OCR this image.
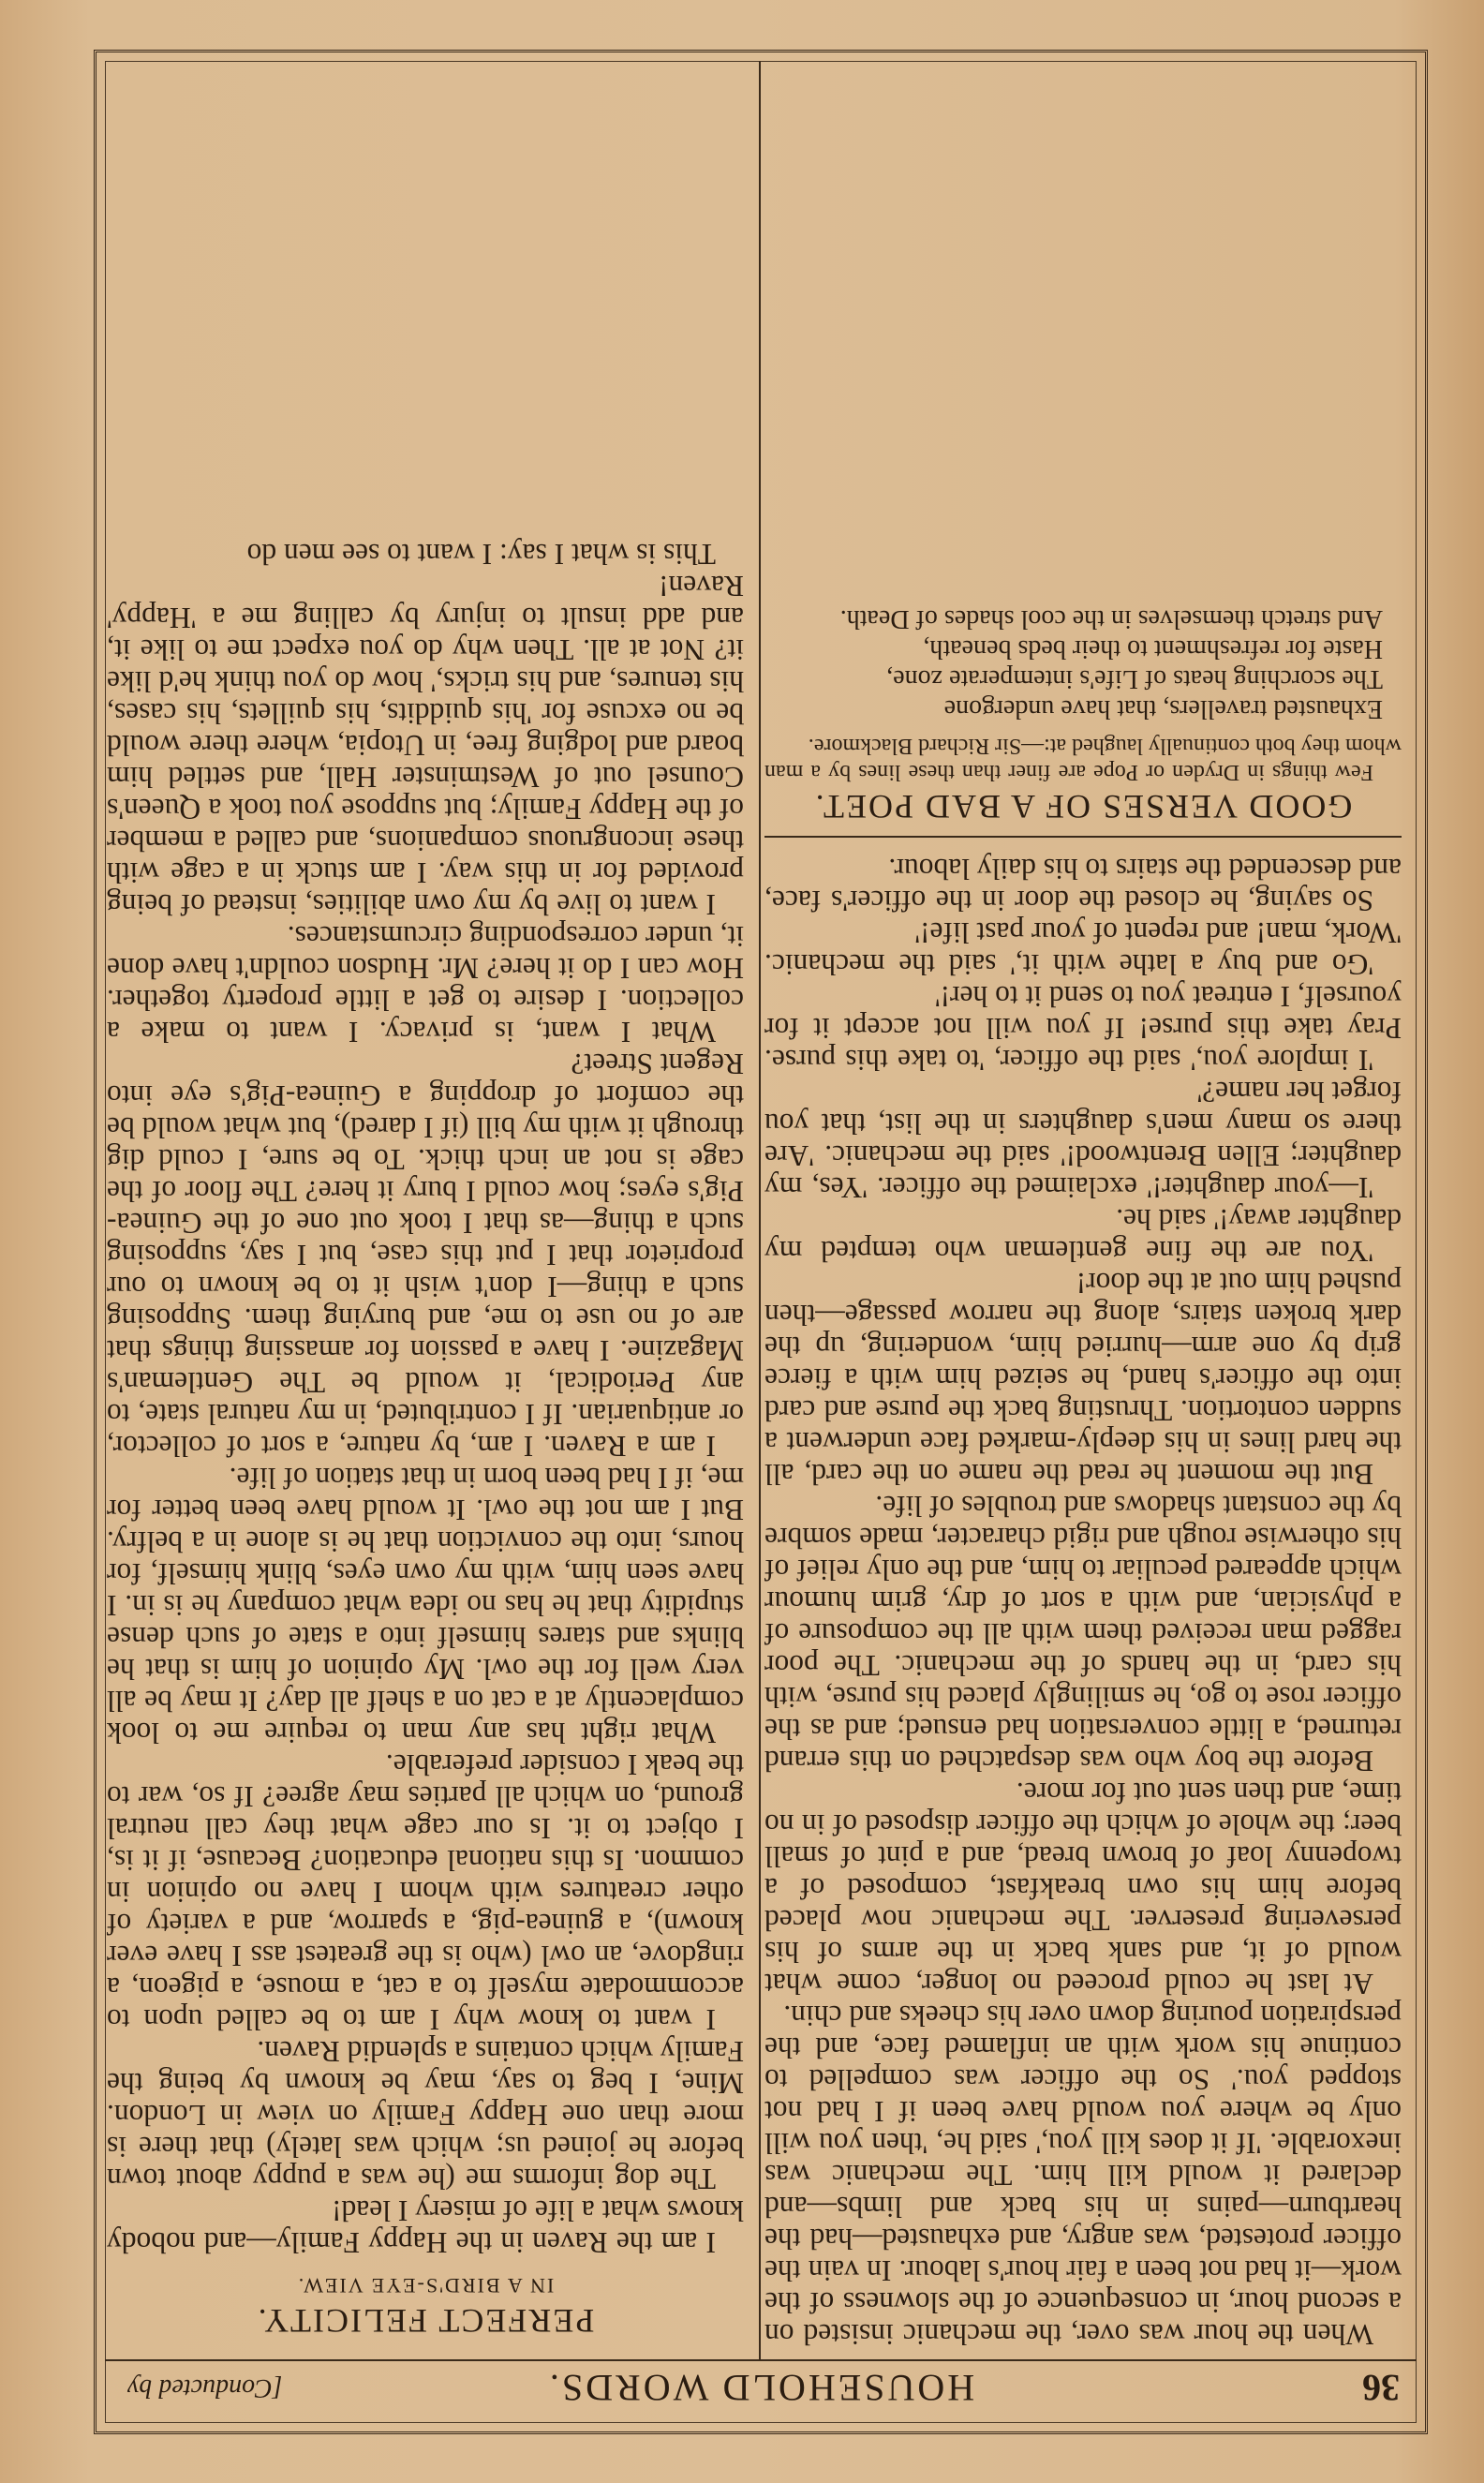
36
HOUSEHOLD WORDS.
[Conducted by

When the hour was over, the mechanic insisted on a second hour, in consequence of the slowness of the work—it had not been a fair hour's labour. In vain the officer protested, was angry, and exhausted—had the heartburn—pains in his back and limbs—and declared it would kill him. The mechanic was inexorable. 'If it does kill you,' said he, 'then you will only be where you would have been if I had not stopped you.' So the officer was compelled to continue his work with an inflamed face, and the perspiration pouring down over his cheeks and chin.

At last he could proceed no longer, come what would of it, and sank back in the arms of his persevering preserver. The mechanic now placed before him his own breakfast, composed of a twopenny loaf of brown bread, and a pint of small beer; the whole of which the officer disposed of in no time, and then sent out for more.

Before the boy who was despatched on this errand returned, a little conversation had ensued; and as the officer rose to go, he smilingly placed his purse, with his card, in the hands of the mechanic. The poor ragged man received them with all the composure of a physician, and with a sort of dry, grim humour which appeared peculiar to him, and the only relief of his otherwise rough and rigid character, made sombre by the constant shadows and troubles of life.

But the moment he read the name on the card, all the hard lines in his deeply-marked face underwent a sudden contortion. Thrusting back the purse and card into the officer's hand, he seized him with a fierce grip by one arm—hurried him, wondering, up the dark broken stairs, along the narrow passage—then pushed him out at the door!

'You are the fine gentleman who tempted my daughter away!' said he.

'I—your daughter!' exclaimed the officer. 'Yes, my daughter; Ellen Brentwood!' said the mechanic. 'Are there so many men's daughters in the list, that you forget her name?'

'I implore you,' said the officer, 'to take this purse. Pray take this purse! If you will not accept it for yourself, I entreat you to send it to her!'

'Go and buy a lathe with it,' said the mechanic. 'Work, man! and repent of your past life!'

So saying, he closed the door in the officer's face, and descended the stairs to his daily labour.

GOOD VERSES OF A BAD POET.

Few things in Dryden or Pope are finer than these lines by a man whom they both continually laughed at:—Sir Richard Blackmore.

Exhausted travellers, that have undergone
The scorching heats of Life's intemperate zone,
Haste for refreshment to their beds beneath,
And stretch themselves in the cool shades of Death.
PERFECT FELICITY.
IN A BIRD'S-EYE VIEW.

I am the Raven in the Happy Family—and nobody knows what a life of misery I lead!

The dog informs me (he was a puppy about town before he joined us; which was lately) that there is more than one Happy Family on view in London. Mine, I beg to say, may be known by being the Family which contains a splendid Raven.

I want to know why I am to be called upon to accommodate myself to a cat, a mouse, a pigeon, a ringdove, an owl (who is the greatest ass I have ever known), a guinea-pig, a sparrow, and a variety of other creatures with whom I have no opinion in common. Is this national education? Because, if it is, I object to it. Is our cage what they call neutral ground, on which all parties may agree? If so, war to the beak I consider preferable.

What right has any man to require me to look complacently at a cat on a shelf all day? It may be all very well for the owl. My opinion of him is that he blinks and stares himself into a state of such dense stupidity that he has no idea what company he is in. I have seen him, with my own eyes, blink himself, for hours, into the conviction that he is alone in a belfry. But I am not the owl. It would have been better for me, if I had been born in that station of life.

I am a Raven. I am, by nature, a sort of collector, or antiquarian. If I contributed, in my natural state, to any Periodical, it would be The Gentleman's Magazine. I have a passion for amassing things that are of no use to me, and burying them. Supposing such a thing—I don't wish it to be known to our proprietor that I put this case, but I say, supposing such a thing—as that I took out one of the Guinea-Pig's eyes; how could I bury it here? The floor of the cage is not an inch thick. To be sure, I could dig through it with my bill (if I dared), but what would be the comfort of dropping a Guinea-Pig's eye into Regent Street?

What I want, is privacy. I want to make a collection. I desire to get a little property together. How can I do it here? Mr. Hudson couldn't have done it, under corresponding circumstances.

I want to live by my own abilities, instead of being provided for in this way. I am stuck in a cage with these incongruous companions, and called a member of the Happy Family; but suppose you took a Queen's Counsel out of Westminster Hall, and settled him board and lodging free, in Utopia, where there would be no excuse for 'his quiddits, his quillets, his cases, his tenures, and his tricks,' how do you think he'd like it? Not at all. Then why do you expect me to like it, and add insult to injury by calling me a 'Happy' Raven!

This is what I say: I want to see men do
